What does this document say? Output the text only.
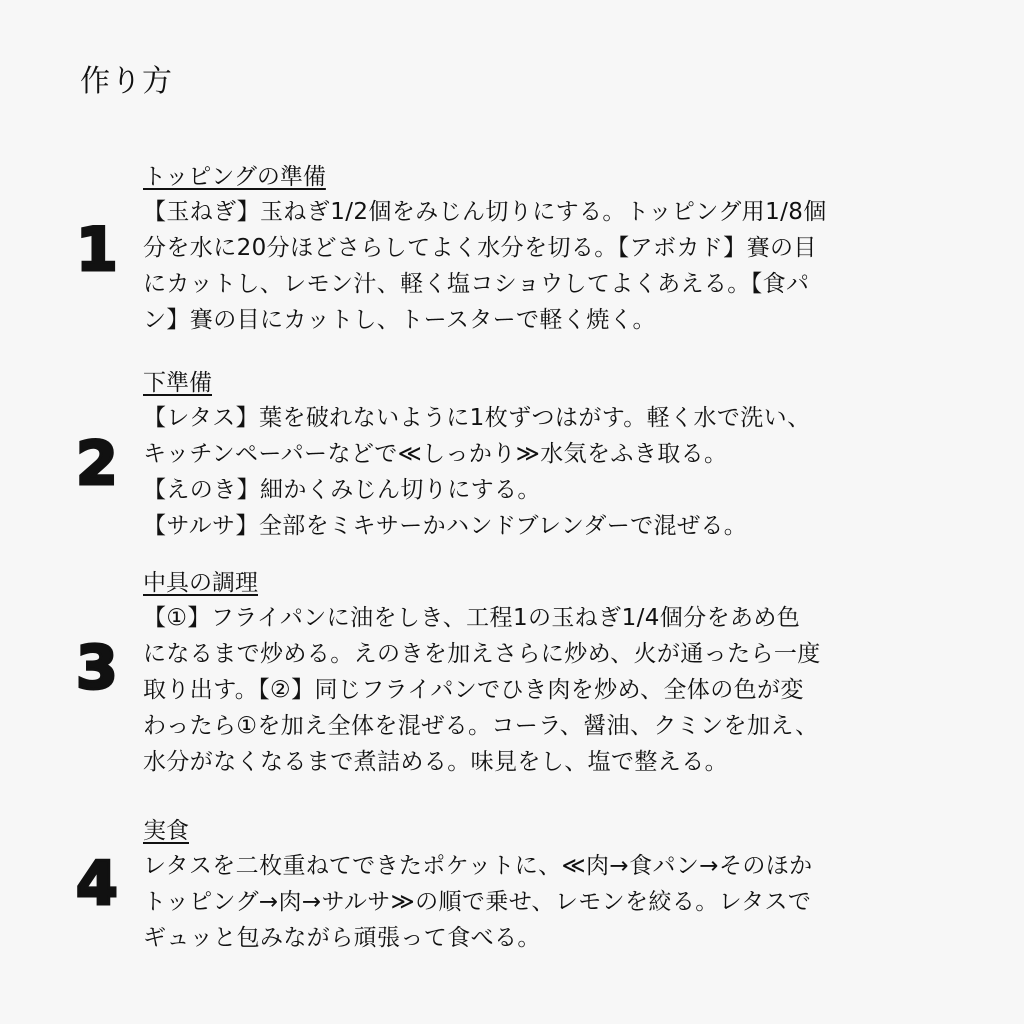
作り方
1
トッピングの準備

【玉ねぎ】玉ねぎ1/2個をみじん切りにする。トッピング用1/8個
分を水に20分ほどさらしてよく水分を切る。【アボカド】賽の目
にカットし、レモン汁、軽く塩コショウしてよくあえる。【食パ
ン】賽の目にカットし、トースターで軽く焼く。

2
下準備

【レタス】葉を破れないように1枚ずつはがす。軽く水で洗い、
キッチンペーパーなどで≪しっかり≫水気をふき取る。
【えのき】細かくみじん切りにする。
【サルサ】全部をミキサーかハンドブレンダーで混ぜる。

3
中具の調理

【①】フライパンに油をしき、工程1の玉ねぎ1/4個分をあめ色
になるまで炒める。えのきを加えさらに炒め、火が通ったら一度
取り出す。【②】同じフライパンでひき肉を炒め、全体の色が変
わったら①を加え全体を混ぜる。コーラ、醤油、クミンを加え、
水分がなくなるまで煮詰める。味見をし、塩で整える。

4
実食

レタスを二枚重ねてできたポケットに、≪肉→食パン→そのほか
トッピング→肉→サルサ≫の順で乗せ、レモンを絞る。レタスで
ギュッと包みながら頑張って食べる。
